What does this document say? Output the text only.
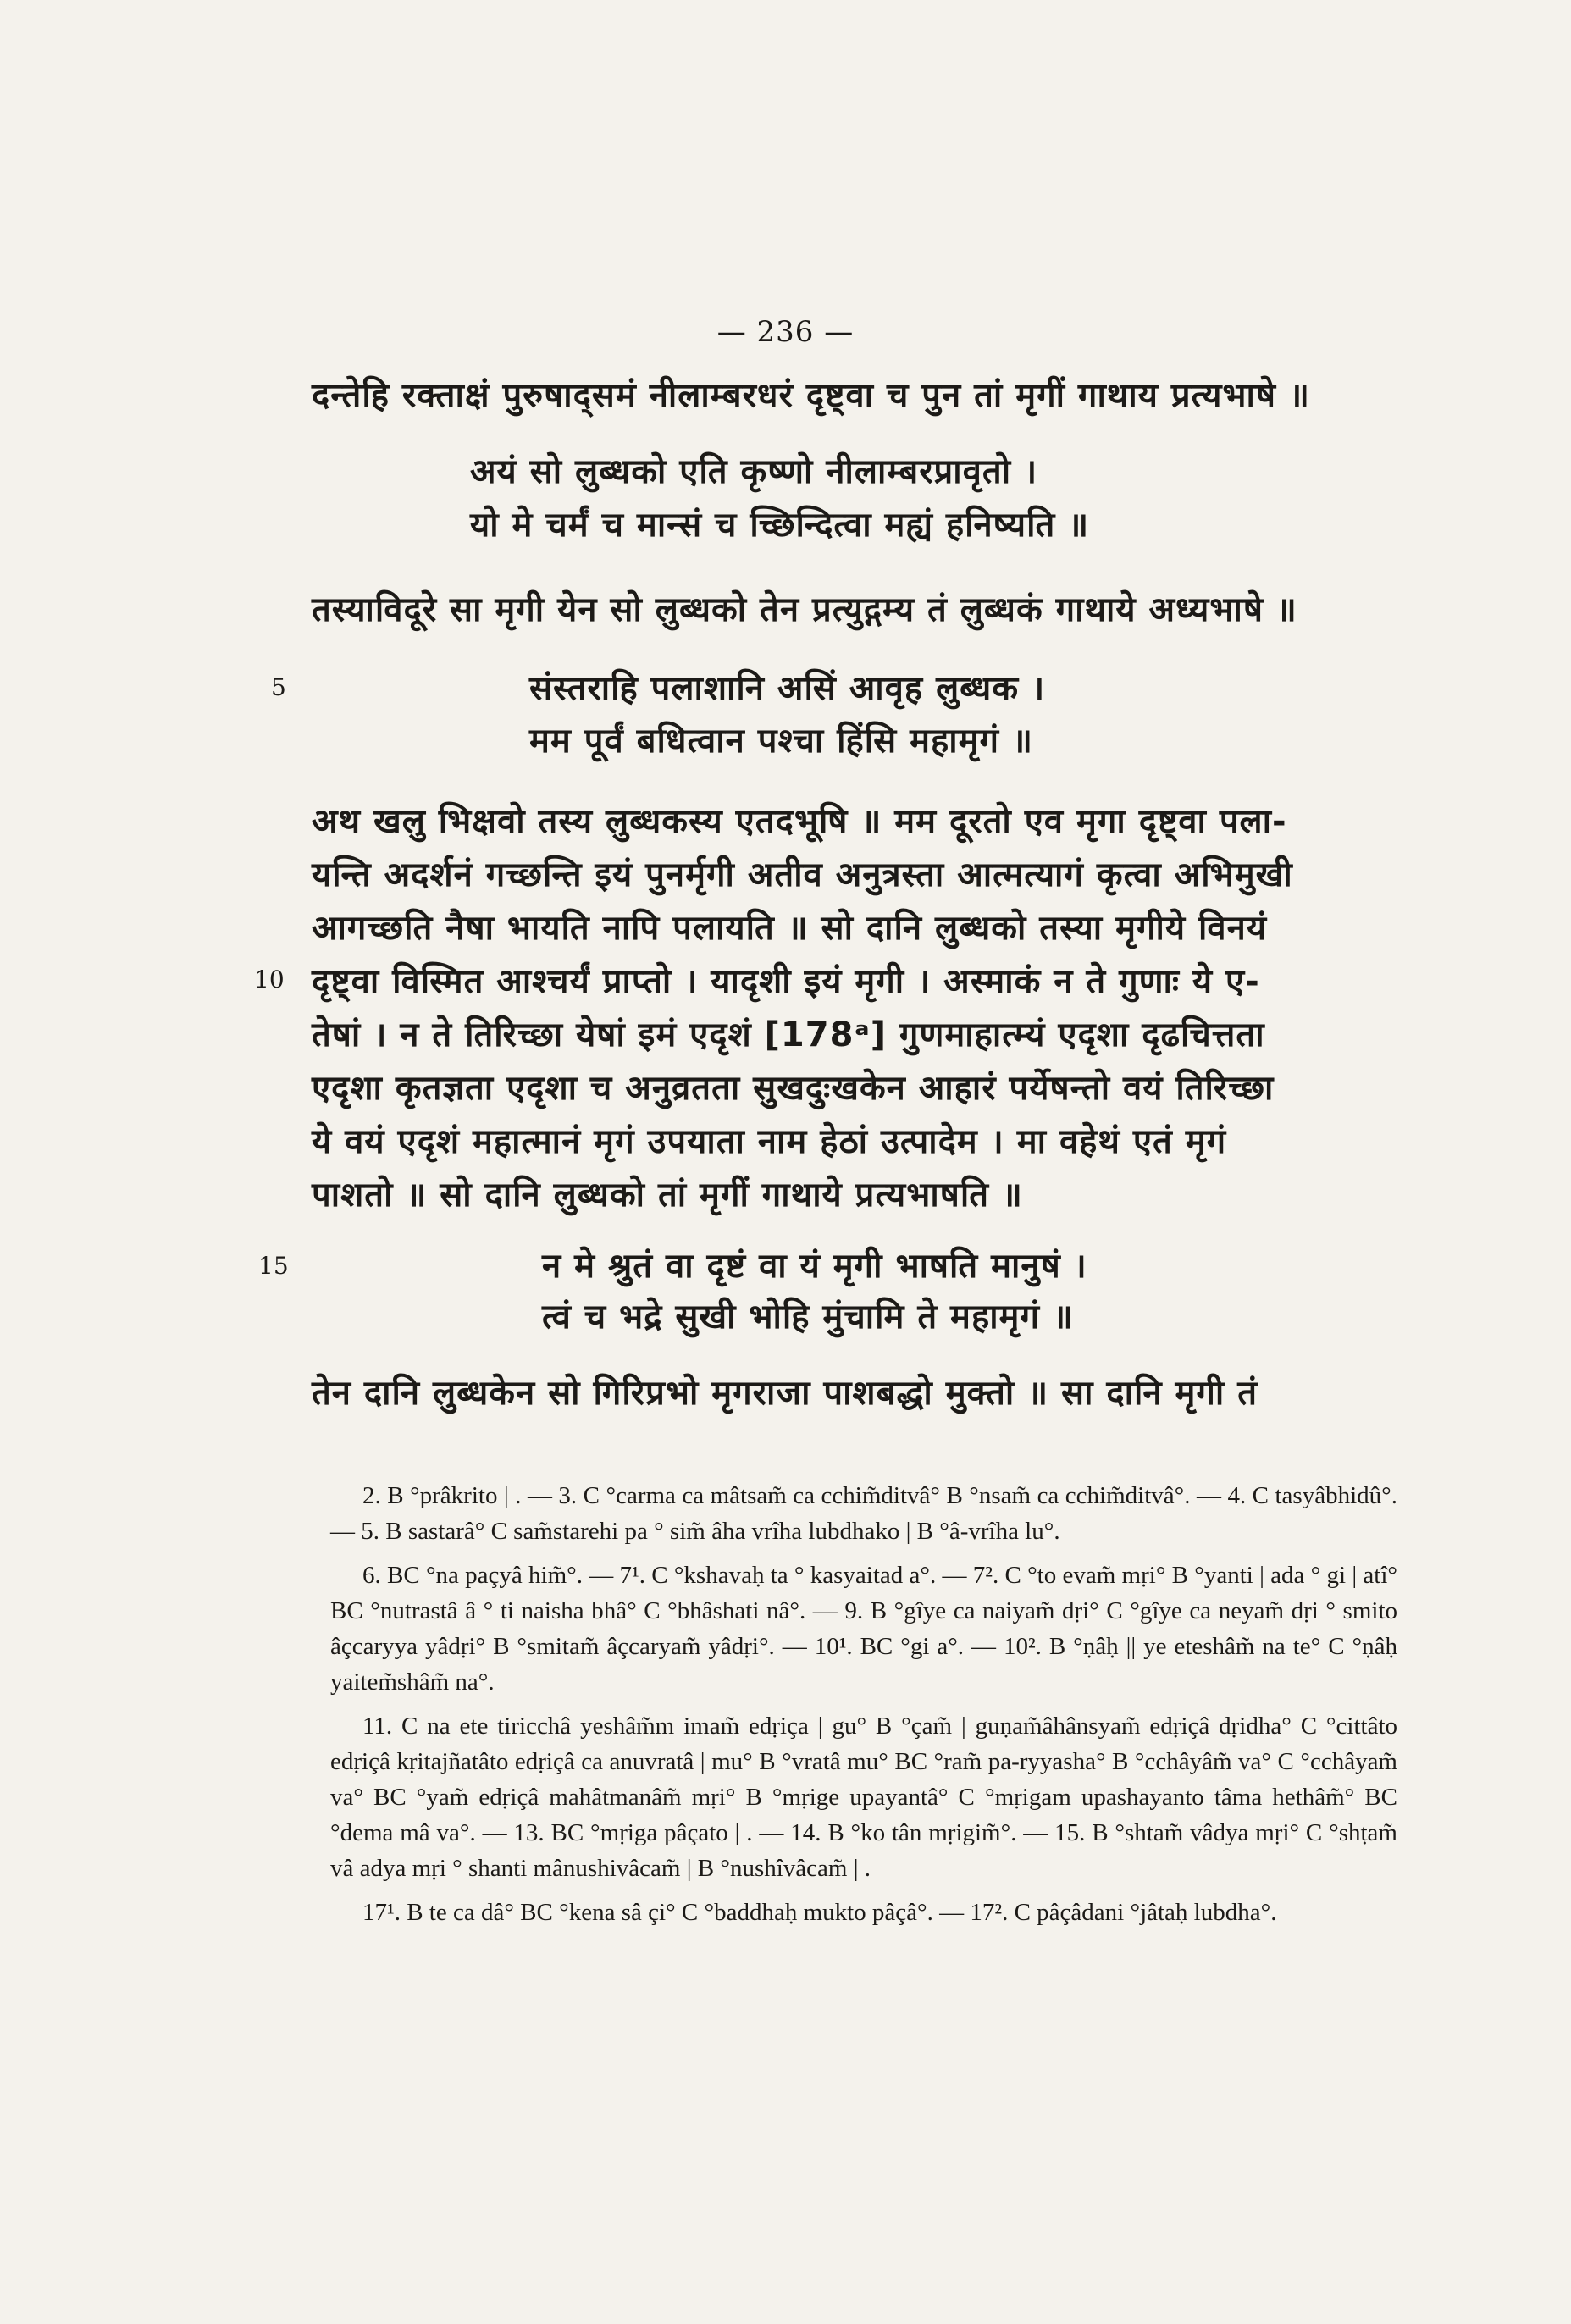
— 236 —
दन्तेहि रक्ताक्षं पुरुषाद्समं नीलाम्बरधरं दृष्ट्वा च पुन तां मृगीं गाथाय प्रत्यभाषे ॥
अयं सो लुब्धको एति कृष्णो नीलाम्बरप्रावृतो ।
यो मे चर्मं च मान्सं च च्छिन्दित्वा मह्यं हनिष्यति ॥
तस्याविदूरे सा मृगी येन सो लुब्धको तेन प्रत्युद्गम्य तं लुब्धकं गाथाये अध्यभाषे ॥
5	संस्तराहि पलाशानि असिं आवृह लुब्धक ।
मम पूर्वं बधित्वान पश्चा हिंसि महामृगं ॥
अथ खलु भिक्षवो तस्य लुब्धकस्य एतदभूषि ॥ मम दूरतो एव मृगा दृष्ट्वा पला-
यन्ति अदर्शनं गच्छन्ति इयं पुनर्मृगी अतीव अनुत्रस्ता आत्मत्यागं कृत्वा अभिमुखी
आगच्छति नैषा भायति नापि पलायति ॥ सो दानि लुब्धको तस्या मृगीये विनयं
10 दृष्ट्वा विस्मित आश्चर्यं प्राप्तो । यादृशी इयं मृगी । अस्माकं न ते गुणाः ये ए-
तेषां । न ते तिरिच्छा येषां इमं एदृशं [178ᵃ] गुणमाहात्म्यं एदृशा दृढचित्तता
एदृशा कृतज्ञता एदृशा च अनुव्रतता सुखदुःखकेन आहारं पर्येषन्तो वयं तिरिच्छा
ये वयं एदृशं महात्मानं मृगं उपयाता नाम हेठां उत्पादेम । मा वहेथं एतं मृगं
पाशतो ॥ सो दानि लुब्धको तां मृगीं गाथाये प्रत्यभाषति ॥
15	न मे श्रुतं वा दृष्टं वा यं मृगी भाषति मानुषं ।
त्वं च भद्रे सुखी भोहि मुंचामि ते महामृगं ॥
तेन दानि लुब्धकेन सो गिरिप्रभो मृगराजा पाशबद्धो मुक्तो ॥ सा दानि मृगी तं

2. B °prâkrito | . — 3. C °carma ca mâtsam̃ ca cchim̃ditvâ° B °nsam̃ ca cchim̃ditvâ°. — 4. C tasyâbhidû°. — 5. B sastarâ° C sam̃starehi pa ° sim̃ âha vrîha lubdhako | B °â-vrîha lu°.

6. BC °na paçyâ him̃°. — 7¹. C °kshavaḥ ta ° kasyaitad a°. — 7². C °to evam̃ mṛi° B °yanti | ada ° gi | atî° BC °nutrastâ â ° ti naisha bhâ° C °bhâshati nâ°. — 9. B °gîye ca naiyam̃ dṛi° C °gîye ca neyam̃ dṛi ° smito âçcaryya yâdṛi° B °smitam̃ âçcaryam̃ yâdṛi°. — 10¹. BC °gi a°. — 10². B °ṇâḥ || ye eteshâm̃ na te° C °ṇâḥ yaitem̃shâm̃ na°.

11. C na ete tiricchâ yeshâm̃m imam̃ edṛiça | gu° B °çam̃ | guṇam̃âhânsyam̃ edṛiçâ dṛidha° C °cittâto edṛiçâ kṛitajñatâto edṛiçâ ca anuvratâ | mu° B °vratâ mu° BC °ram̃ pa-ryyasha° B °cchâyâm̃ va° C °cchâyam̃ va° BC °yam̃ edṛiçâ mahâtmanâm̃ mṛi° B °mṛige upayantâ° C °mṛigam upashayanto tâma hethâm̃° BC °dema mâ va°. — 13. BC °mṛiga pâçato | . — 14. B °ko tân mṛigim̃°. — 15. B °shtam̃ vâdya mṛi° C °shṭam̃ vâ adya mṛi ° shanti mânushivâcam̃ | B °nushîvâcam̃ | .

17¹. B te ca dâ° BC °kena sâ çi° C °baddhaḥ mukto pâçâ°. — 17². C pâçâdani °jâtaḥ lubdha°.
